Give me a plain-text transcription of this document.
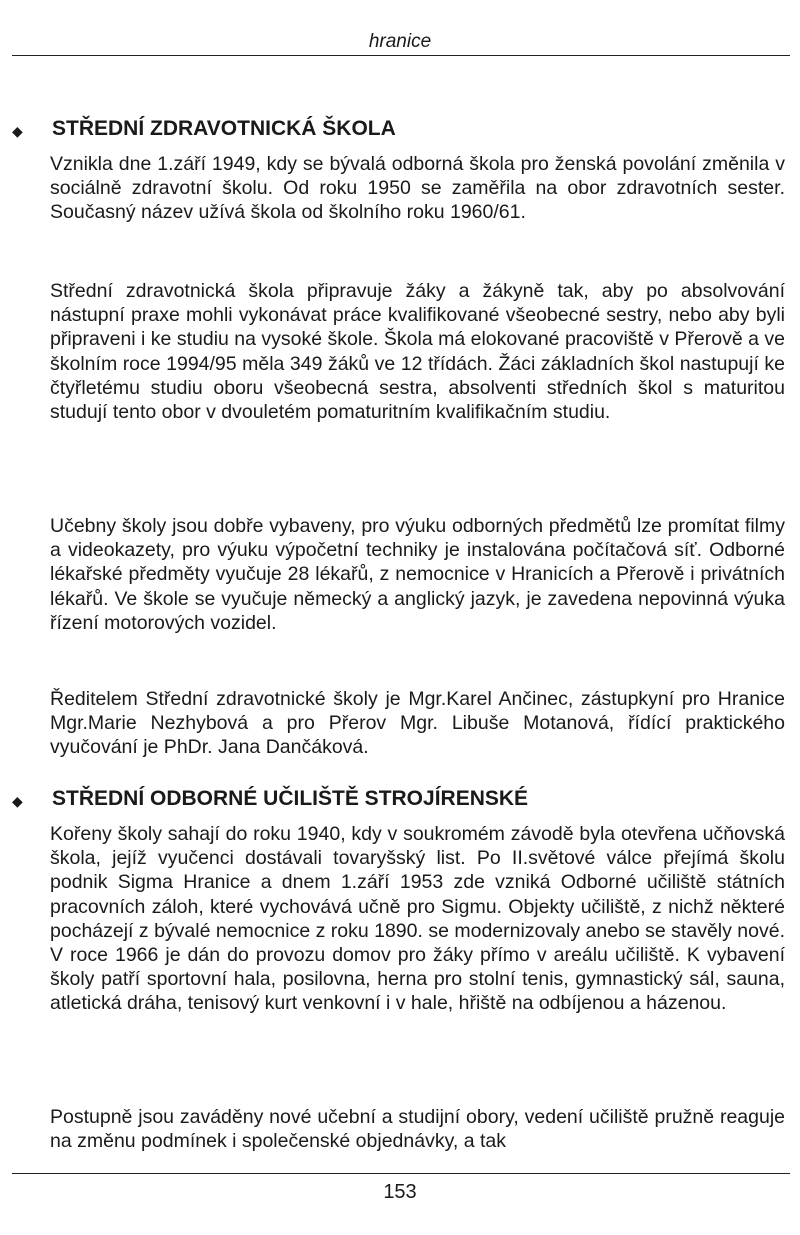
hranice
◆	STŘEDNÍ ZDRAVOTNICKÁ ŠKOLA

Vznikla dne 1.září 1949, kdy se bývalá odborná škola pro ženská povolání změnila v sociálně zdravotní školu. Od roku 1950 se zaměřila na obor zdravotních sester. Současný název užívá škola od školního roku 1960/61.

Střední zdravotnická škola připravuje žáky a žákyně tak, aby po absolvování nástupní praxe mohli vykonávat práce kvalifikované všeobecné sestry, nebo aby byli připraveni i ke studiu na vysoké škole. Škola má elokované pracoviště v Přerově a ve školním roce 1994/95 měla 349 žáků ve 12 třídách. Žáci základních škol nastupují ke čtyřletému studiu oboru všeobecná sestra, absolventi středních škol s maturitou studují tento obor v dvouletém pomaturitním kvalifikačním studiu.

Učebny školy jsou dobře vybaveny, pro výuku odborných předmětů lze promítat filmy a videokazety, pro výuku výpočetní techniky je instalována počítačová síť. Odborné lékařské předměty vyučuje 28 lékařů, z nemocnice v Hranicích a Přerově i privátních lékařů. Ve škole se vyučuje německý a anglický jazyk, je zavedena nepovinná výuka řízení motorových vozidel.

Ředitelem Střední zdravotnické školy je Mgr.Karel Ančinec, zástupkyní pro Hranice Mgr.Marie Nezhybová a pro Přerov Mgr. Libuše Motanová, řídící praktického vyučování je PhDr. Jana Dančáková.

◆	STŘEDNÍ ODBORNÉ UČILIŠTĚ STROJÍRENSKÉ

Kořeny školy sahají do roku 1940, kdy v soukromém závodě byla otevřena učňovská škola, jejíž vyučenci dostávali tovaryšský list. Po II.světové válce přejímá školu podnik Sigma Hranice a dnem 1.září 1953 zde vzniká Odborné učiliště státních pracovních záloh, které vychovává učně pro Sigmu. Objekty učiliště, z nichž některé pocházejí z bývalé nemocnice z roku 1890. se modernizovaly anebo se stavěly nové. V roce 1966 je dán do provozu domov pro žáky přímo v areálu učiliště. K vybavení školy patří sportovní hala, posilovna, herna pro stolní tenis, gymnastický sál, sauna, atletická dráha, tenisový kurt venkovní i v hale, hřiště na odbíjenou a házenou.

Postupně jsou zaváděny nové učební a studijní obory, vedení učiliště pružně reaguje na změnu podmínek i společenské objednávky, a tak

153
